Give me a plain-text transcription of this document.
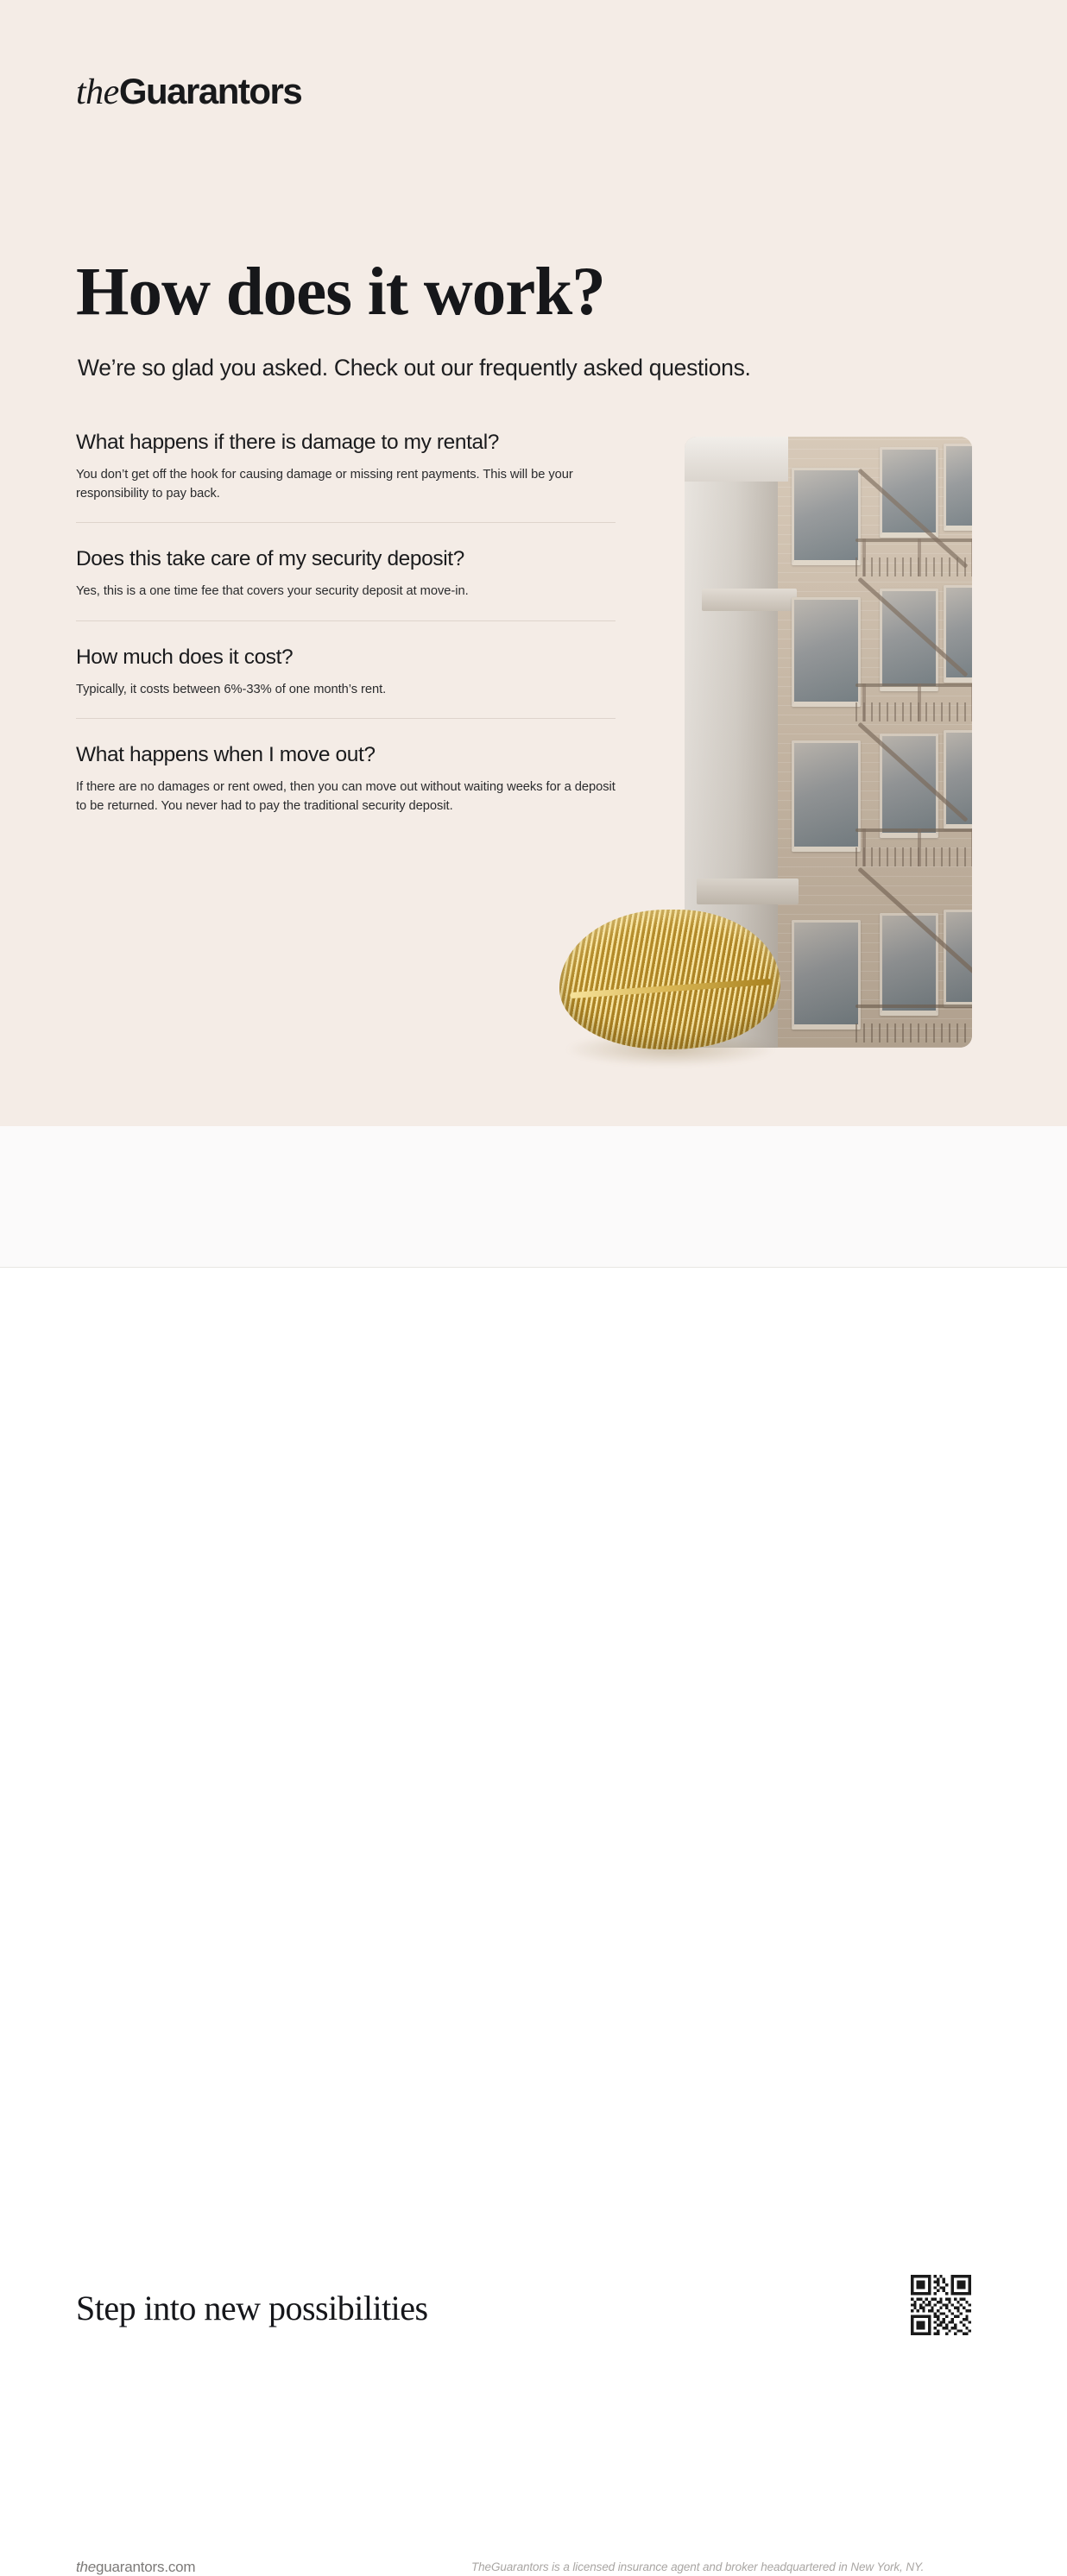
theGuarantors
How does it work?

We’re so glad you asked. Check out our frequently asked questions.

What happens if there is damage to my rental?

You don’t get off the hook for causing damage or missing rent payments. This will be your responsibility to pay back.

Does this take care of my security deposit?

Yes, this is a one time fee that covers your security deposit at move-in.

How much does it cost?

Typically, it costs between 6%-33% of one month’s rent.

What happens when I move out?

If there are no damages or rent owed, then you can move out without waiting weeks for a deposit to be returned. You never had to pay the traditional security deposit.

Step into new possibilities
theguarantors.com	TheGuarantors is a licensed insurance agent and broker headquartered in New York, NY.
